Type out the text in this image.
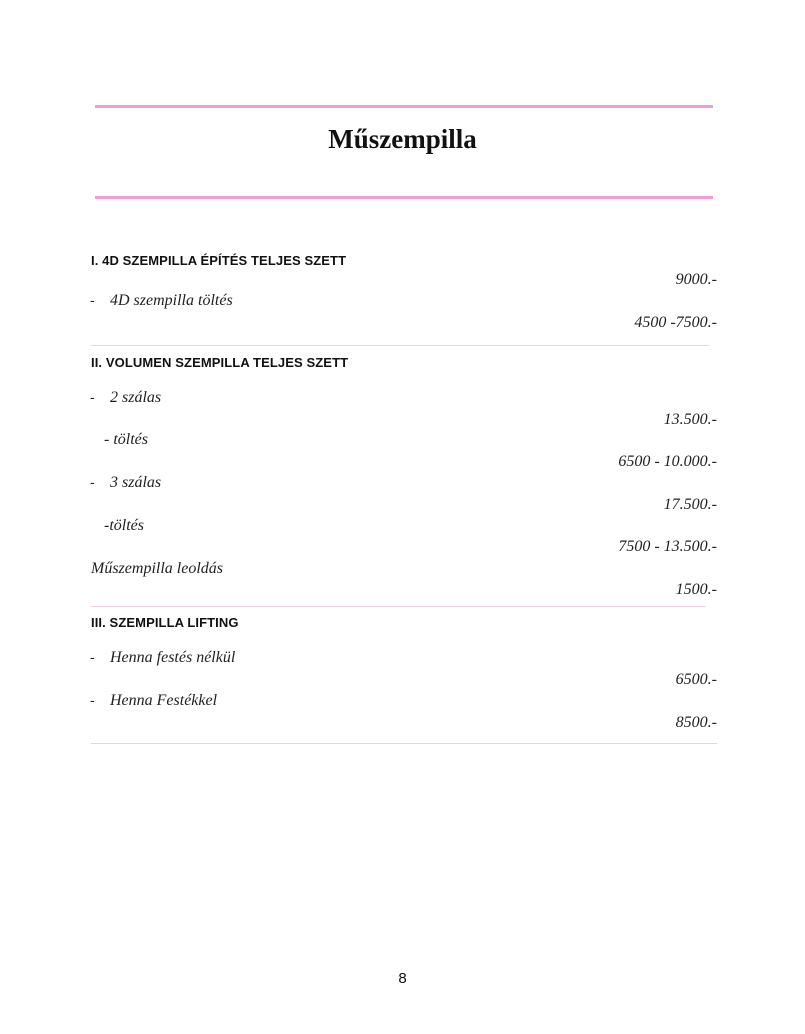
Műszempilla
I. 4D SZEMPILLA ÉPÍTÉS TELJES SZETT
9000.-
- 4D szempilla töltés
4500 -7500.-
II. VOLUMEN SZEMPILLA TELJES SZETT
- 2 szálas
13.500.-
- töltés
6500 - 10.000.-
- 3 szálas
17.500.-
-töltés
7500 - 13.500.-
Műszempilla leoldás
1500.-
III. SZEMPILLA LIFTING
- Henna festés nélkül
6500.-
- Henna Festékkel
8500.-
8
